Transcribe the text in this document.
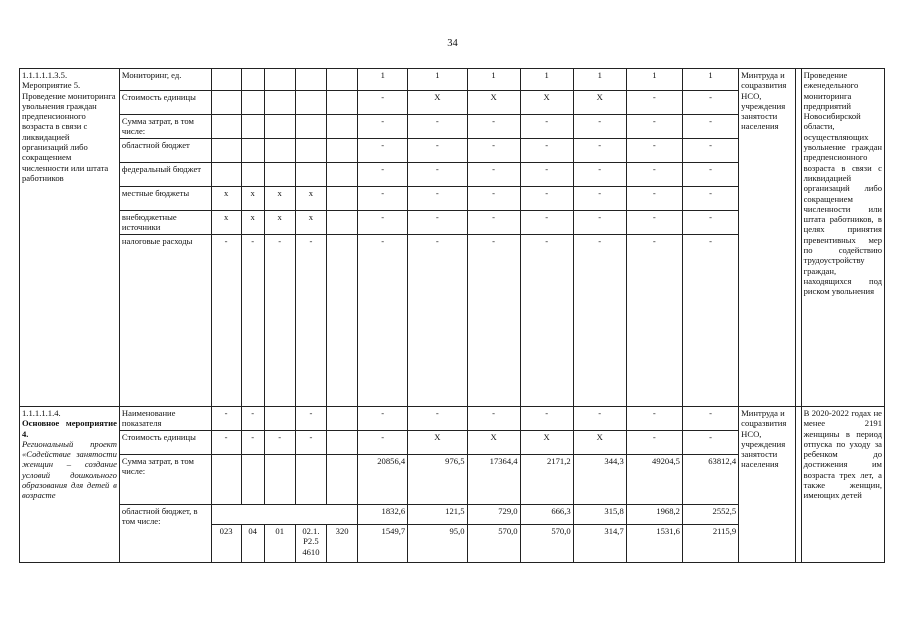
34
1.1.1.1.1.3.5.
Мероприятие 5. Проведение мониторинга увольнения граждан предпенсионного возраста в связи с ликвидацией организаций либо сокращением численности или штата работников	Мониторинг, ед.						1	1	1	1	1	1	1	Минтруда и соцразвития НСО, учреждения занятости населения		Проведение еженедельного мониторинга предприятий Новосибирской области, осуществляющих увольнение граждан предпенсионного возраста в связи с ликвидацией организаций либо сокращением численности или штата работников, в целях принятия превентивных мер по содействию трудоустройству граждан, находящихся под риском увольнения
	Стоимость единицы						-	X	X	X	X	-	-			
	Сумма затрат, в том числе:						-	-	-	-	-	-	-			
	областной бюджет						-	-	-	-	-	-	-			
	федеральный бюджет						-	-	-	-	-	-	-			
	местные бюджеты	х	х	х	х		-	-	-	-	-	-	-			
	внебюджетные источники	х	х	х	х		-	-	-	-	-	-	-			
	налоговые расходы	-	-	-	-		-	-	-	-	-	-	-			

1.1.1.1.1.4.
Основное мероприятие 4.
Региональный проект «Содействие занятости женщин – создание условий дошкольного образования для детей в возрасте	Наименование показателя	-	-		-		-	-	-	-	-	-	-	Минтруда и соцразвития НСО, учреждения занятости населения		В 2020-2022 годах не менее 2191 женщины в период отпуска по уходу за ребенком до достижения им возраста трех лет, а также женщин, имеющих детей
	Стоимость единицы	-	-	-	-		-	X	X	X	X	-	-			
	Сумма затрат, в том числе:						20856,4	976,5	17364,4	2171,2	344,3	49204,5	63812,4			
	областной бюджет, в том числе:						1832,6	121,5	729,0	666,3	315,8	1968,2	2552,5			
		023	04	01	02.1. P2.5 4610	320	1549,7	95,0	570,0	570,0	314,7	1531,6	2115,9			
